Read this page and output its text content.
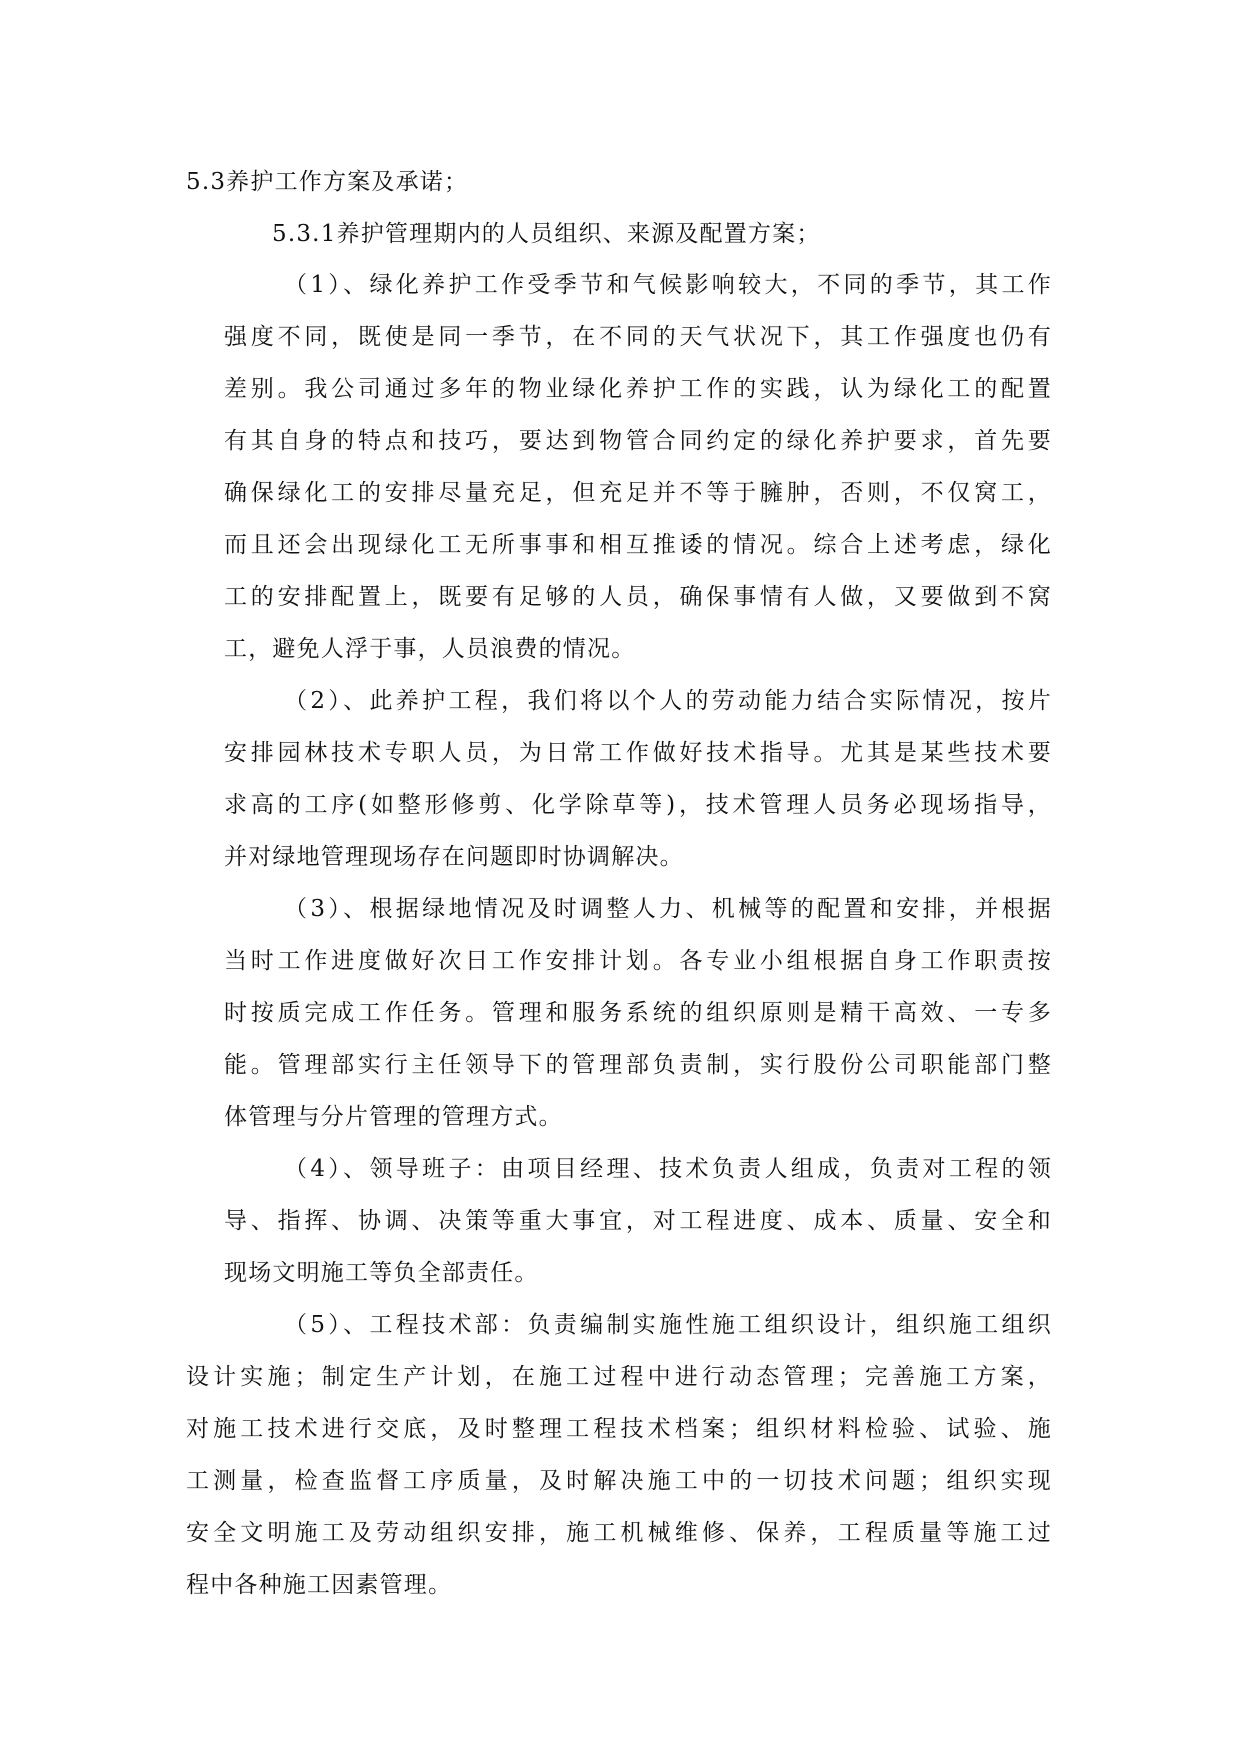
5.3养护工作方案及承诺；
5.3.1养护管理期内的人员组织、来源及配置方案；
（1）、绿化养护工作受季节和气候影响较大，不同的季节，其工作
强度不同，既使是同一季节，在不同的天气状况下，其工作强度也仍有
差别。我公司通过多年的物业绿化养护工作的实践，认为绿化工的配置
有其自身的特点和技巧，要达到物管合同约定的绿化养护要求，首先要
确保绿化工的安排尽量充足，但充足并不等于臃肿，否则，不仅窝工，
而且还会出现绿化工无所事事和相互推诿的情况。综合上述考虑，绿化
工的安排配置上，既要有足够的人员，确保事情有人做，又要做到不窝
工，避免人浮于事，人员浪费的情况。
（2）、此养护工程，我们将以个人的劳动能力结合实际情况，按片
安排园林技术专职人员，为日常工作做好技术指导。尤其是某些技术要
求高的工序(如整形修剪、化学除草等)，技术管理人员务必现场指导，
并对绿地管理现场存在问题即时协调解决。
（3）、根据绿地情况及时调整人力、机械等的配置和安排，并根据
当时工作进度做好次日工作安排计划。各专业小组根据自身工作职责按
时按质完成工作任务。管理和服务系统的组织原则是精干高效、一专多
能。管理部实行主任领导下的管理部负责制，实行股份公司职能部门整
体管理与分片管理的管理方式。
（4）、领导班子：由项目经理、技术负责人组成，负责对工程的领
导、指挥、协调、决策等重大事宜，对工程进度、成本、质量、安全和
现场文明施工等负全部责任。
（5）、工程技术部：负责编制实施性施工组织设计，组织施工组织
设计实施；制定生产计划，在施工过程中进行动态管理；完善施工方案，
对施工技术进行交底，及时整理工程技术档案；组织材料检验、试验、施
工测量，检查监督工序质量，及时解决施工中的一切技术问题；组织实现
安全文明施工及劳动组织安排，施工机械维修、保养，工程质量等施工过
程中各种施工因素管理。
